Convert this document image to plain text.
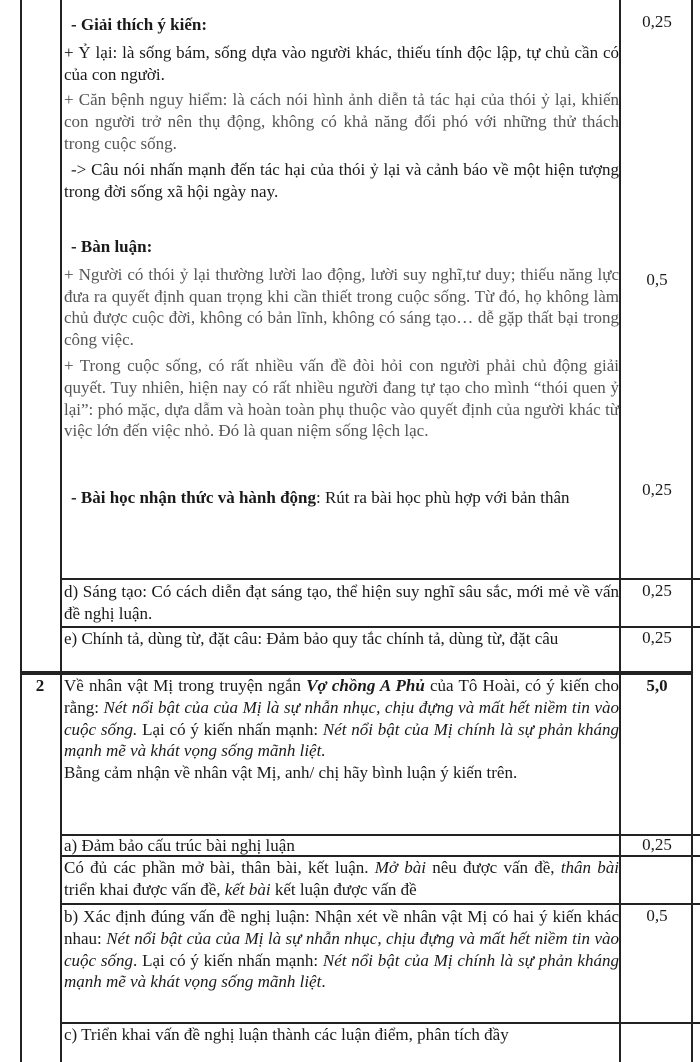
- Giải thích ý kiến:

+ Ỷ lại: là sống bám, sống dựa vào người khác, thiếu tính độc lập, tự chủ cần có của con người.

+ Căn bệnh nguy hiểm: là cách nói hình ảnh diễn tả tác hại của thói ỷ lại, khiến con người trở nên thụ động, không có khả năng đối phó với những thử thách trong cuộc sống.

-> Câu nói nhấn mạnh đến tác hại của thói ỷ lại và cảnh báo về một hiện tượng trong đời sống xã hội ngày nay.

0,25

- Bàn luận:

+ Người có thói ỷ lại thường lười lao động, lười suy nghĩ,tư duy; thiếu năng lực đưa ra quyết định quan trọng khi cần thiết trong cuộc sống. Từ đó, họ không làm chủ được cuộc đời, không có bản lĩnh, không có sáng tạo… dễ gặp thất bại trong công việc.

+ Trong cuộc sống, có rất nhiều vấn đề đòi hỏi con người phải chủ động giải quyết. Tuy nhiên, hiện nay có rất nhiều người đang tự tạo cho mình “thói quen ỷ lại”: phó mặc, dựa dẫm và hoàn toàn phụ thuộc vào quyết định của người khác từ việc lớn đến việc nhỏ. Đó là quan niệm sống lệch lạc.

0,5

- Bài học nhận thức và hành động: Rút ra bài học phù hợp với bản thân	0,25
d) Sáng tạo: Có cách diễn đạt sáng tạo, thể hiện suy nghĩ sâu sắc, mới mẻ về vấn đề nghị luận.
0,25
e) Chính tả, dùng từ, đặt câu: Đảm bảo quy tắc chính tả, dùng từ, đặt câu	0,25
2	Về nhân vật Mị trong truyện ngắn Vợ chồng A Phủ của Tô Hoài, có ý kiến cho rằng: Nét nổi bật của của Mị là sự nhẫn nhục, chịu đựng và mất hết niềm tin vào cuộc sống. Lại có ý kiến nhấn mạnh: Nét nổi bật của Mị chính là sự phản kháng mạnh mẽ và khát vọng sống mãnh liệt.

Bằng cảm nhận về nhân vật Mị, anh/ chị hãy bình luận ý kiến trên.

5,0
a) Đảm bảo cấu trúc bài nghị luận	0,25
Có đủ các phần mở bài, thân bài, kết luận. Mở bài nêu được vấn đề, thân bài triển khai được vấn đề, kết bài kết luận được vấn đề
b) Xác định đúng vấn đề nghị luận: Nhận xét về nhân vật Mị có hai ý kiến khác nhau: Nét nổi bật của của Mị là sự nhẫn nhục, chịu đựng và mất hết niềm tin vào cuộc sống. Lại có ý kiến nhấn mạnh: Nét nổi bật của Mị chính là sự phản kháng mạnh mẽ và khát vọng sống mãnh liệt.
0,5
c) Triển khai vấn đề nghị luận thành các luận điểm, phân tích đầy
